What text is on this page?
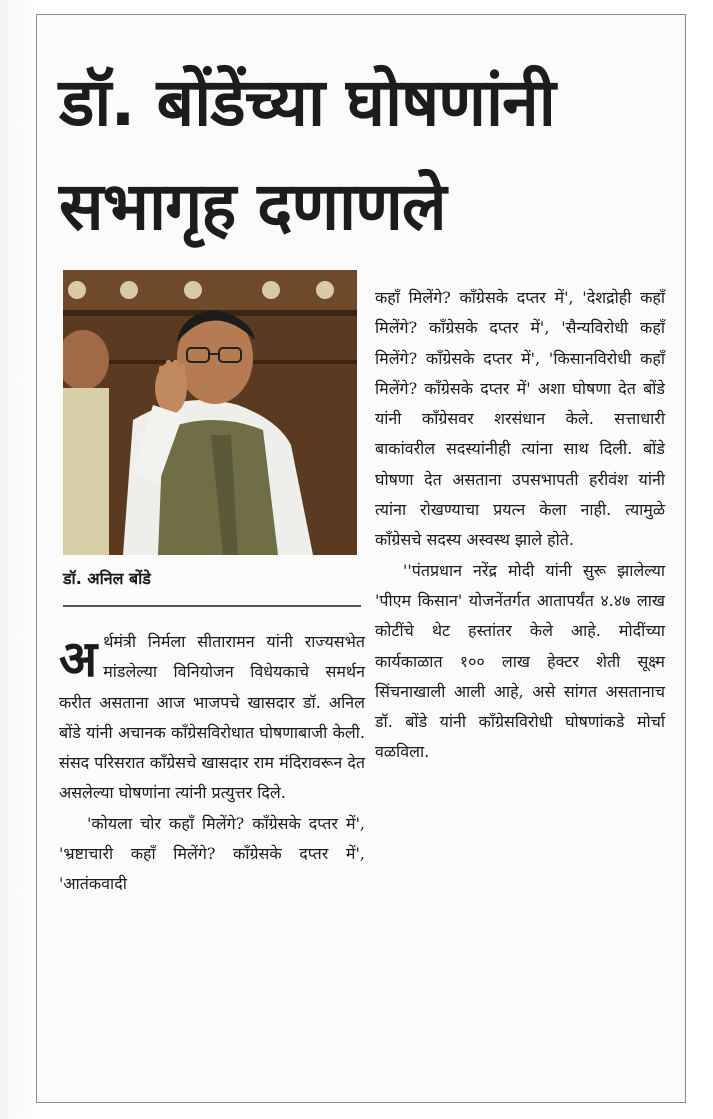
डॉ. बोंडेंच्या घोषणांनी
सभागृह दणाणले

डॉ. अनिल बोंडे

अर्थमंत्री निर्मला सीतारामन यांनी राज्यसभेत मांडलेल्या विनियोजन विधेयकाचे समर्थन करीत असताना आज भाजपचे खासदार डॉ. अनिल बोंडे यांनी अचानक काँग्रेसविरोधात घोषणाबाजी केली. संसद परिसरात काँग्रेसचे खासदार राम मंदिरावरून देत असलेल्या घोषणांना त्यांनी प्रत्युत्तर दिले.

'कोयला चोर कहाँ मिलेंगे? काँग्रेसके दप्तर में', 'भ्रष्टाचारी कहाँ मिलेंगे? काँग्रेसके दप्तर में', 'आतंकवादी

कहाँ मिलेंगे? काँग्रेसके दप्तर में', 'देशद्रोही कहाँ मिलेंगे? काँग्रेसके दप्तर में', 'सैन्यविरोधी कहाँ मिलेंगे? काँग्रेसके दप्तर में', 'किसानविरोधी कहाँ मिलेंगे? काँग्रेसके दप्तर में' अशा घोषणा देत बोंडे यांनी काँग्रेसवर शरसंधान केले. सत्ताधारी बाकांवरील सदस्यांनीही त्यांना साथ दिली. बोंडे घोषणा देत असताना उपसभापती हरीवंश यांनी त्यांना रोखण्याचा प्रयत्न केला नाही. त्यामुळे काँग्रेसचे सदस्य अस्वस्थ झाले होते.

''पंतप्रधान नरेंद्र मोदी यांनी सुरू झालेल्या 'पीएम किसान' योजनेंतर्गत आतापर्यंत ४.४७ लाख कोटींचे थेट हस्तांतर केले आहे. मोदींच्या कार्यकाळात १०० लाख हेक्टर शेती सूक्ष्म सिंचनाखाली आली आहे, असे सांगत असतानाच डॉ. बोंडे यांनी काँग्रेसविरोधी घोषणांकडे मोर्चा वळविला.
